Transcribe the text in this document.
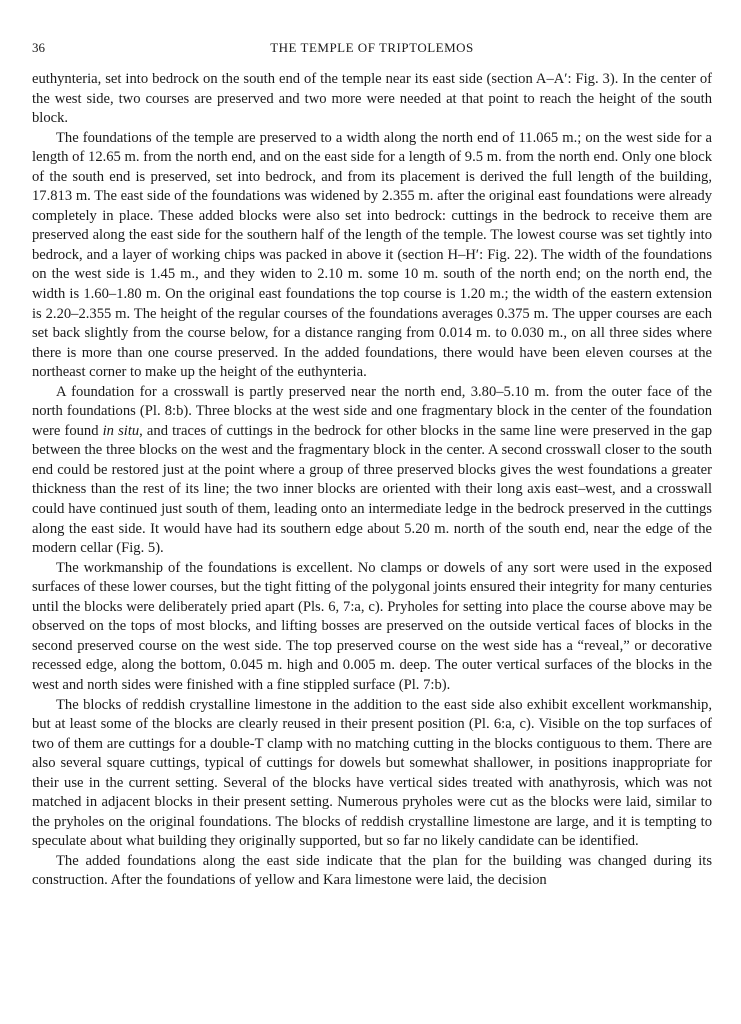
36	THE TEMPLE OF TRIPTOLEMOS

euthynteria, set into bedrock on the south end of the temple near its east side (section A–A′: Fig. 3). In the center of the west side, two courses are preserved and two more were needed at that point to reach the height of the south block.

The foundations of the temple are preserved to a width along the north end of 11.065 m.; on the west side for a length of 12.65 m. from the north end, and on the east side for a length of 9.5 m. from the north end. Only one block of the south end is preserved, set into bedrock, and from its placement is derived the full length of the building, 17.813 m. The east side of the foundations was widened by 2.355 m. after the original east foundations were already completely in place. These added blocks were also set into bedrock: cuttings in the bedrock to receive them are preserved along the east side for the southern half of the length of the temple. The lowest course was set tightly into bedrock, and a layer of working chips was packed in above it (section H–H′: Fig. 22). The width of the foundations on the west side is 1.45 m., and they widen to 2.10 m. some 10 m. south of the north end; on the north end, the width is 1.60–1.80 m. On the original east foundations the top course is 1.20 m.; the width of the eastern extension is 2.20–2.355 m. The height of the regular courses of the foundations averages 0.375 m. The upper courses are each set back slightly from the course below, for a distance ranging from 0.014 m. to 0.030 m., on all three sides where there is more than one course preserved. In the added foundations, there would have been eleven courses at the northeast corner to make up the height of the euthynteria.

A foundation for a crosswall is partly preserved near the north end, 3.80–5.10 m. from the outer face of the north foundations (Pl. 8:b). Three blocks at the west side and one fragmentary block in the center of the foundation were found in situ, and traces of cuttings in the bedrock for other blocks in the same line were preserved in the gap between the three blocks on the west and the fragmentary block in the center. A second crosswall closer to the south end could be restored just at the point where a group of three preserved blocks gives the west foundations a greater thickness than the rest of its line; the two inner blocks are oriented with their long axis east–west, and a crosswall could have continued just south of them, leading onto an intermediate ledge in the bedrock preserved in the cuttings along the east side. It would have had its southern edge about 5.20 m. north of the south end, near the edge of the modern cellar (Fig. 5).

The workmanship of the foundations is excellent. No clamps or dowels of any sort were used in the exposed surfaces of these lower courses, but the tight fitting of the polygonal joints ensured their integrity for many centuries until the blocks were deliberately pried apart (Pls. 6, 7:a, c). Pryholes for setting into place the course above may be observed on the tops of most blocks, and lifting bosses are preserved on the outside vertical faces of blocks in the second preserved course on the west side. The top preserved course on the west side has a “reveal,” or decorative recessed edge, along the bottom, 0.045 m. high and 0.005 m. deep. The outer vertical surfaces of the blocks in the west and north sides were finished with a fine stippled surface (Pl. 7:b).

The blocks of reddish crystalline limestone in the addition to the east side also exhibit excellent workmanship, but at least some of the blocks are clearly reused in their present position (Pl. 6:a, c). Visible on the top surfaces of two of them are cuttings for a double-T clamp with no matching cutting in the blocks contiguous to them. There are also several square cuttings, typical of cuttings for dowels but somewhat shallower, in positions inappropriate for their use in the current setting. Several of the blocks have vertical sides treated with anathyrosis, which was not matched in adjacent blocks in their present setting. Numerous pryholes were cut as the blocks were laid, similar to the pryholes on the original foundations. The blocks of reddish crystalline limestone are large, and it is tempting to speculate about what building they originally supported, but so far no likely candidate can be identified.

The added foundations along the east side indicate that the plan for the building was changed during its construction. After the foundations of yellow and Kara limestone were laid, the decision
